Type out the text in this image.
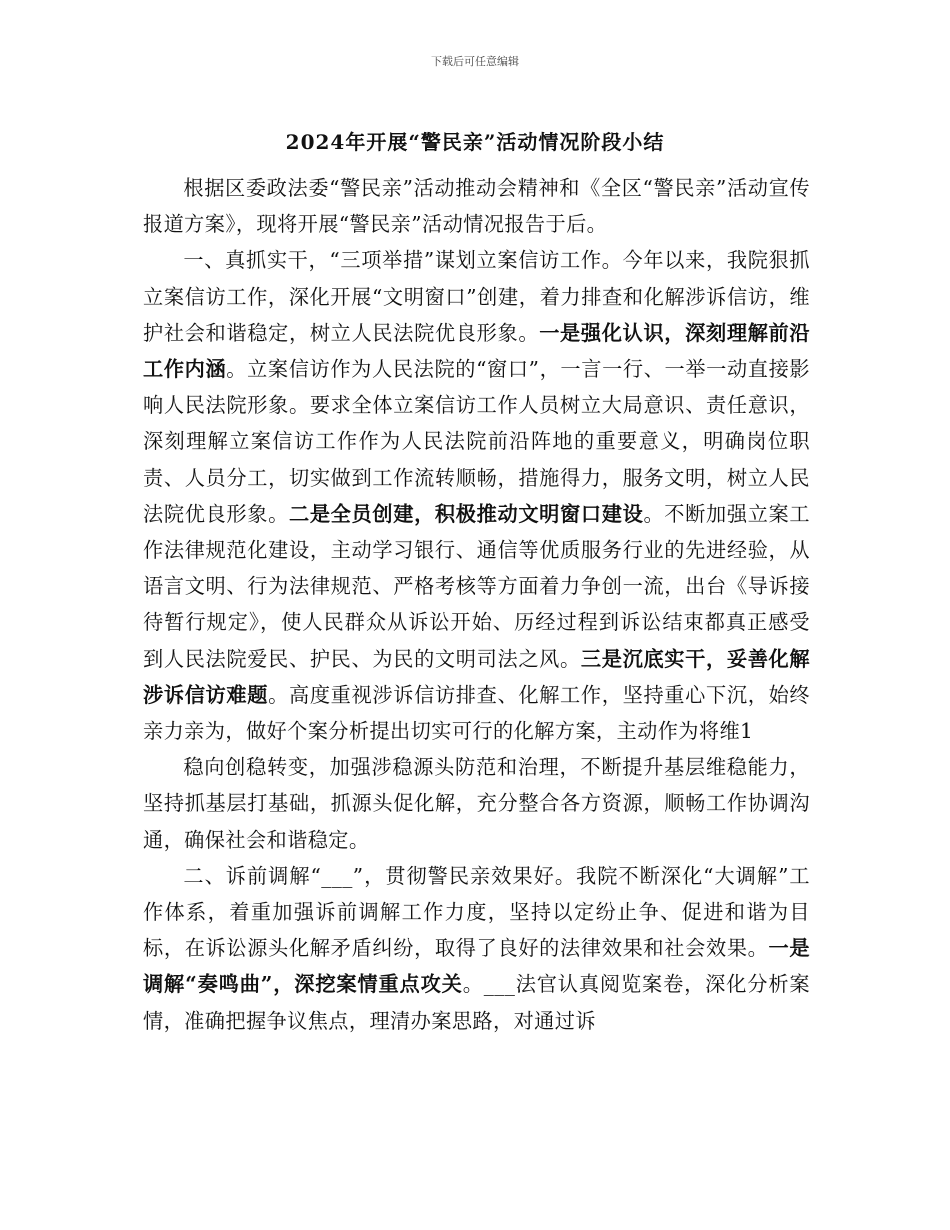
下载后可任意编辑
2024年开展“警民亲”活动情况阶段小结

根据区委政法委“警民亲”活动推动会精神和《全区“警民亲”活动宣传报道方案》，现将开展“警民亲”活动情况报告于后。

一、真抓实干，“三项举措”谋划立案信访工作。今年以来，我院狠抓立案信访工作，深化开展“文明窗口”创建，着力排查和化解涉诉信访，维护社会和谐稳定，树立人民法院优良形象。一是强化认识，深刻理解前沿工作内涵。立案信访作为人民法院的“窗口”，一言一行、一举一动直接影响人民法院形象。要求全体立案信访工作人员树立大局意识、责任意识，深刻理解立案信访工作作为人民法院前沿阵地的重要意义，明确岗位职责、人员分工，切实做到工作流转顺畅，措施得力，服务文明，树立人民法院优良形象。二是全员创建，积极推动文明窗口建设。不断加强立案工作法律规范化建设，主动学习银行、通信等优质服务行业的先进经验，从语言文明、行为法律规范、严格考核等方面着力争创一流，出台《导诉接待暂行规定》，使人民群众从诉讼开始、历经过程到诉讼结束都真正感受到人民法院爱民、护民、为民的文明司法之风。三是沉底实干，妥善化解涉诉信访难题。高度重视涉诉信访排查、化解工作，坚持重心下沉，始终亲力亲为，做好个案分析提出切实可行的化解方案，主动作为将维1

稳向创稳转变，加强涉稳源头防范和治理，不断提升基层维稳能力，坚持抓基层打基础，抓源头促化解，充分整合各方资源，顺畅工作协调沟通，确保社会和谐稳定。

二、诉前调解“___”，贯彻警民亲效果好。我院不断深化“大调解”工作体系，着重加强诉前调解工作力度，坚持以定纷止争、促进和谐为目标，在诉讼源头化解矛盾纠纷，取得了良好的法律效果和社会效果。一是调解“奏鸣曲”，深挖案情重点攻关。___法官认真阅览案卷，深化分析案情，准确把握争议焦点，理清办案思路，对通过诉
